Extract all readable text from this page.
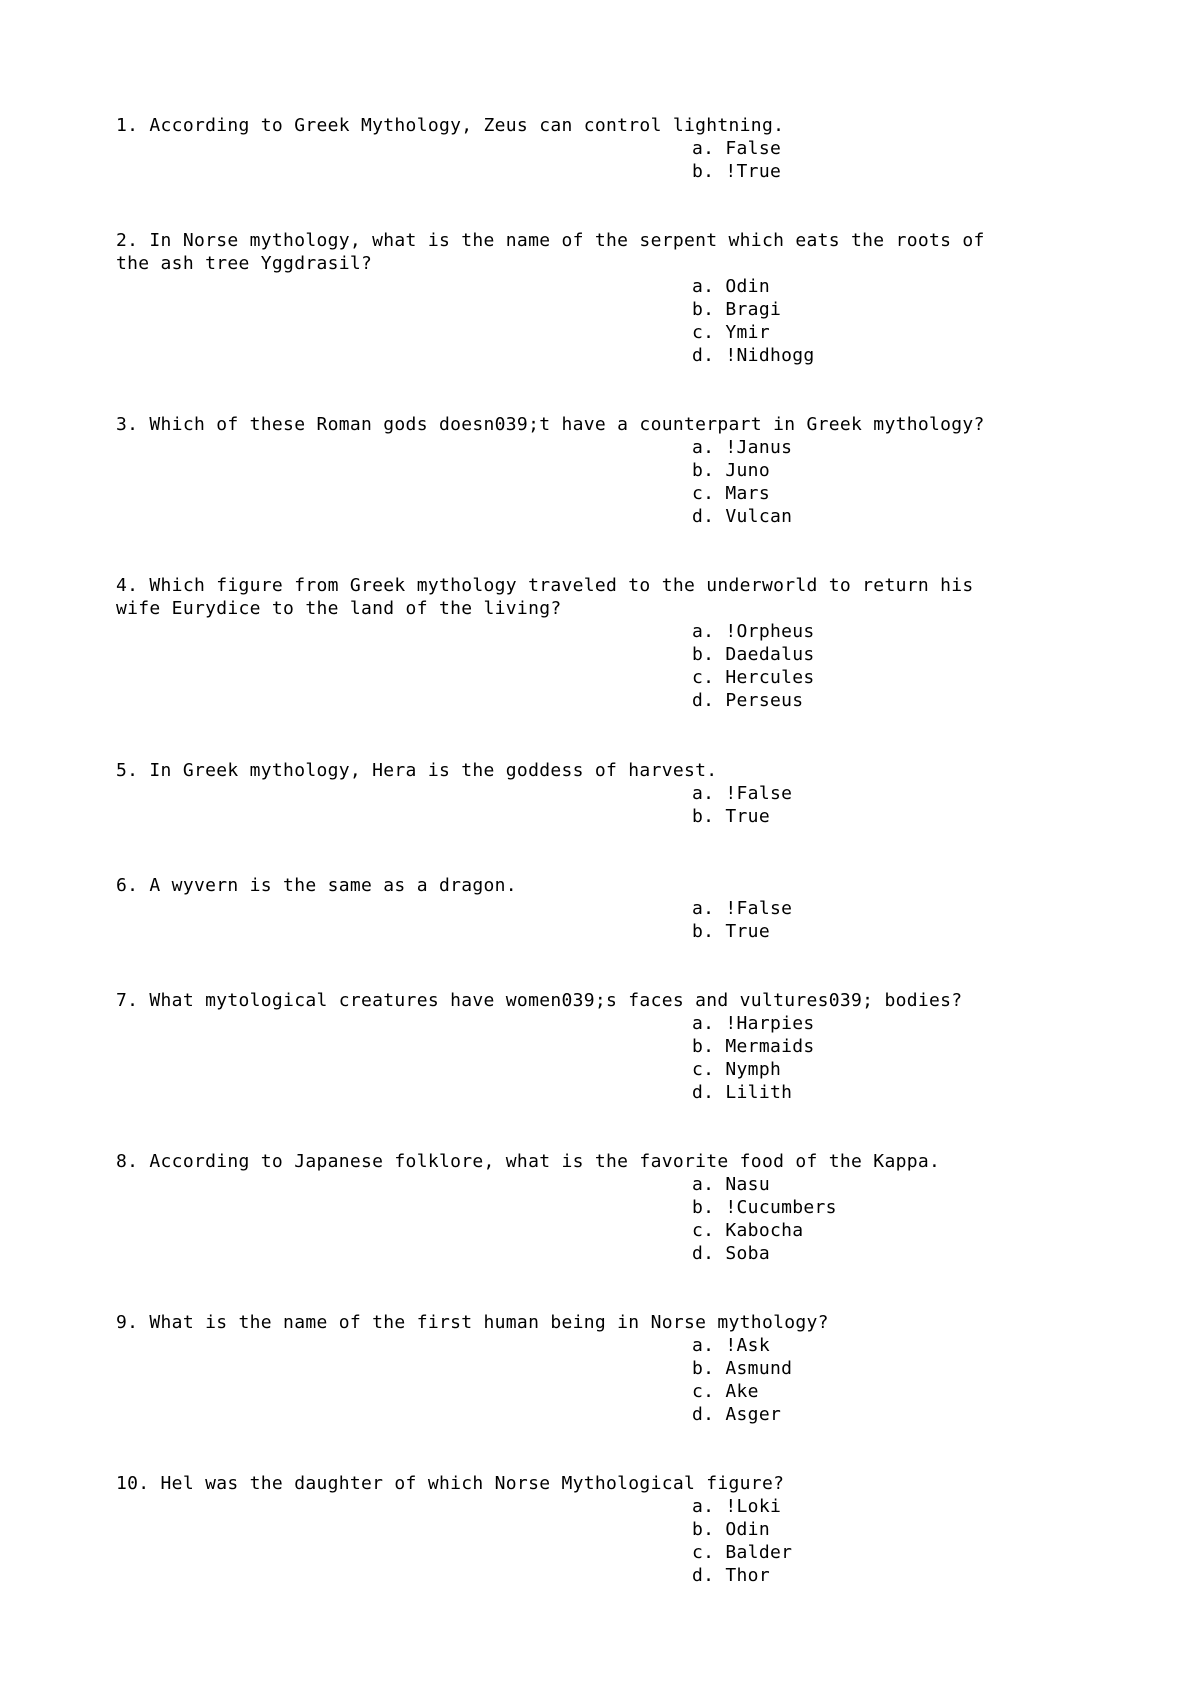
1. According to Greek Mythology, Zeus can control lightning.

a. False
b. !True

2. In Norse mythology, what is the name of the serpent which eats the roots of
the ash tree Yggdrasil?

a. Odin
b. Bragi
c. Ymir
d. !Nidhogg

3. Which of these Roman gods doesn039;t have a counterpart in Greek mythology?

a. !Janus
b. Juno
c. Mars
d. Vulcan

4. Which figure from Greek mythology traveled to the underworld to return his
wife Eurydice to the land of the living?

a. !Orpheus
b. Daedalus
c. Hercules
d. Perseus

5. In Greek mythology, Hera is the goddess of harvest.

a. !False
b. True

6. A wyvern is the same as a dragon.

a. !False
b. True

7. What mytological creatures have women039;s faces and vultures039; bodies?

a. !Harpies
b. Mermaids
c. Nymph
d. Lilith

8. According to Japanese folklore, what is the favorite food of the Kappa.

a. Nasu
b. !Cucumbers
c. Kabocha
d. Soba

9. What is the name of the first human being in Norse mythology?

a. !Ask
b. Asmund
c. Ake
d. Asger

10. Hel was the daughter of which Norse Mythological figure?

a. !Loki
b. Odin
c. Balder
d. Thor
